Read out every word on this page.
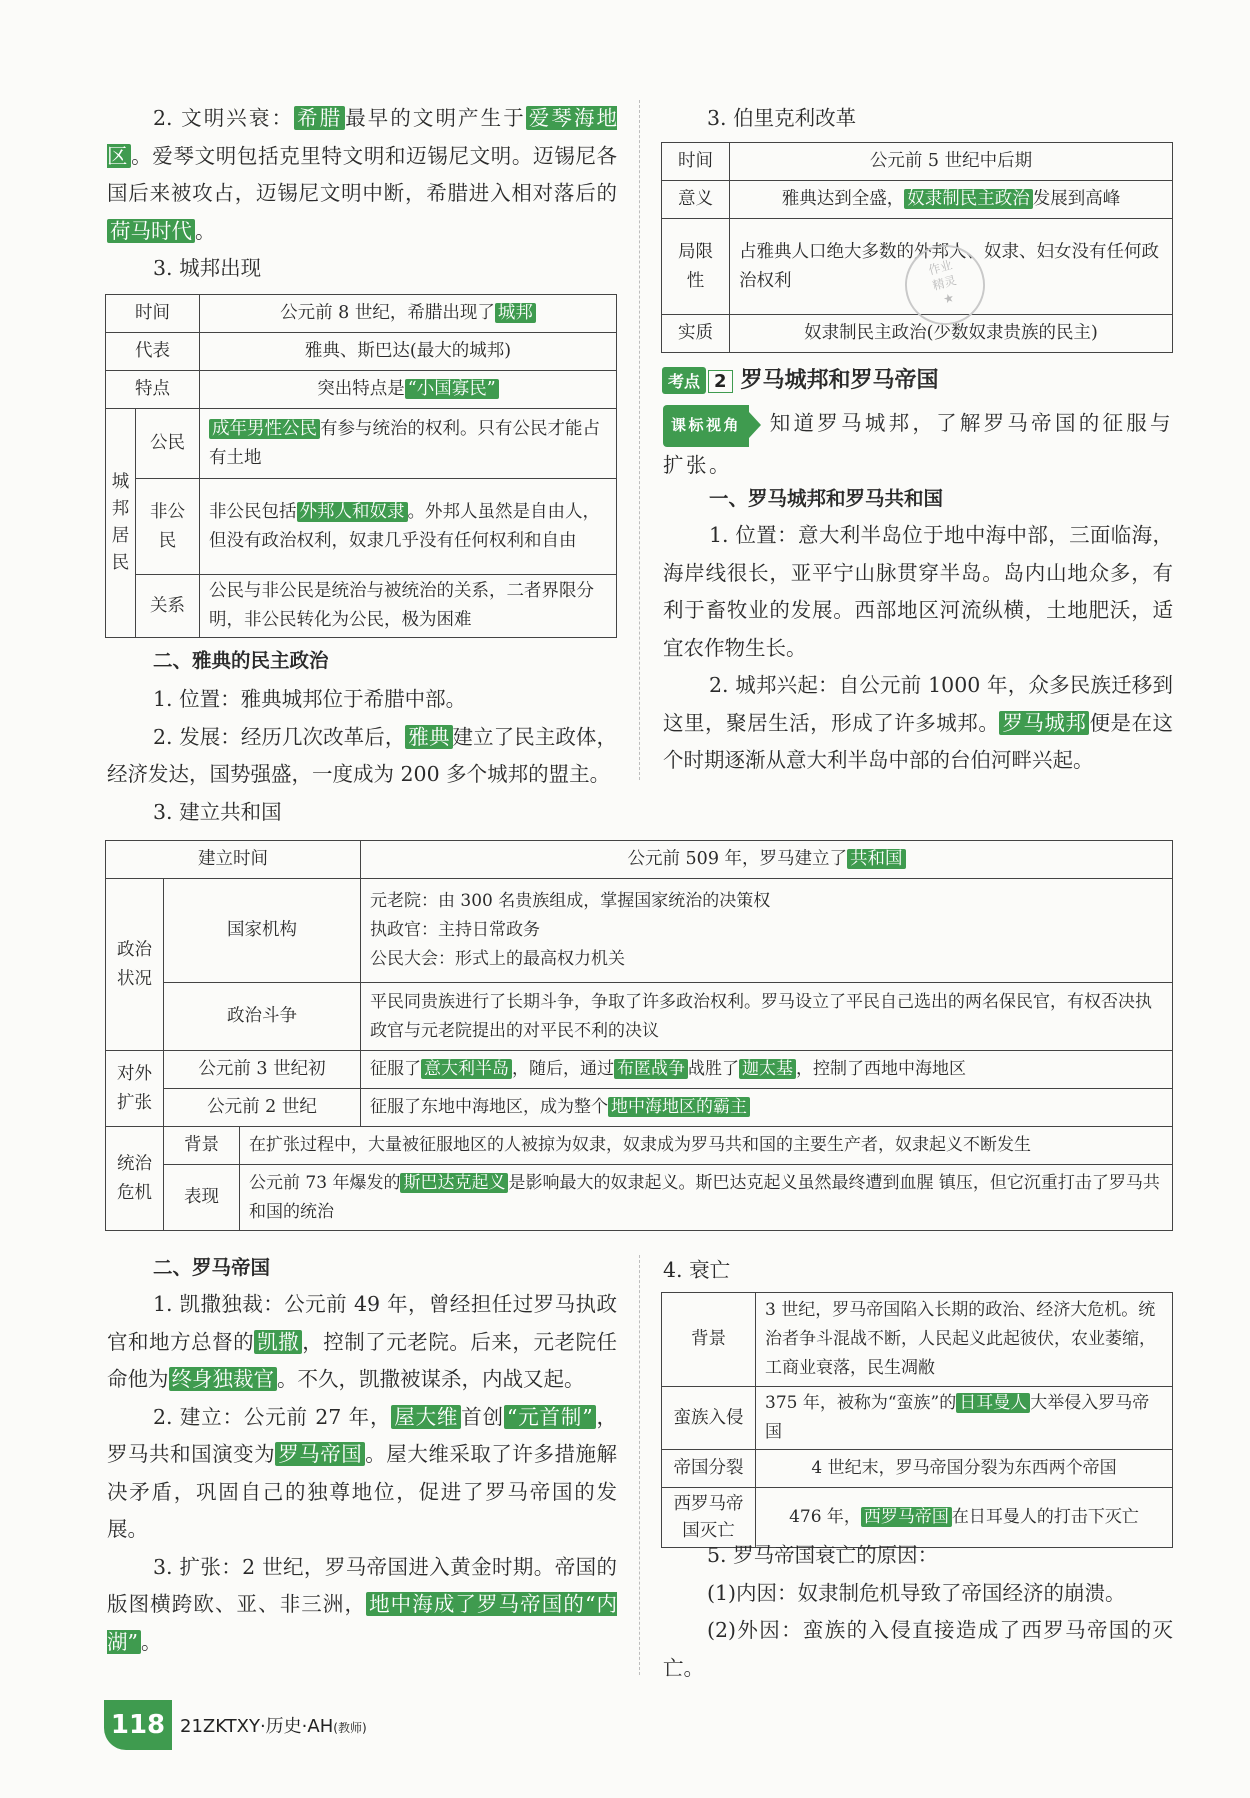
2. 文明兴衰： 希腊 最早的文明产生于 爱琴海地区 。爱琴文明包括克里特文明和迈锡尼文明。迈锡尼各国后来被攻占，迈锡尼文明中断，希腊进入相对落后的荷马时代 。

3. 城邦出现

时间		公元前 8 世纪，希腊出现了 城邦
代表		雅典、斯巴达(最大的城邦)
特点		突出特点是 “小国寡民”
城邦居民	公民	成年男性公民 有参与统治的权利。只有公民才能占有土地
	非公民	非公民包括 外邦人和奴隶 。外邦人虽然是自由人，但没有政治权利，奴隶几乎没有任何权利和自由
	关系	公民与非公民是统治与被统治的关系，二者界限分明，非公民转化为公民，极为困难

二、雅典的民主政治

1. 位置：雅典城邦位于希腊中部。

2. 发展：经历几次改革后， 雅典 建立了民主政体，经济发达，国势强盛，一度成为 200 多个城邦的盟主。

3. 建立共和国

3. 伯里克利改革

时间	公元前 5 世纪中后期
意义	雅典达到全盛， 奴隶制民主政治 发展到高峰
局限性	占雅典人口绝大多数的外邦人、奴隶、妇女没有任何政治权利
实质	奴隶制民主政治(少数奴隶贵族的民主)
考点 2 罗马城邦和罗马帝国

课标视角 知道罗马城邦，了解罗马帝国的征服与扩张。

一、罗马城邦和罗马共和国

1. 位置：意大利半岛位于地中海中部，三面临海，海岸线很长，亚平宁山脉贯穿半岛。岛内山地众多，有利于畜牧业的发展。西部地区河流纵横，土地肥沃，适宜农作物生长。

2. 城邦兴起：自公元前 1000 年，众多民族迁移到这里，聚居生活，形成了许多城邦。 罗马城邦 便是在这个时期逐渐从意大利半岛中部的台伯河畔兴起。

作业
精灵
★
建立时间			公元前 509 年，罗马建立了 共和国
政治状况	国家机构		元老院：由 300 名贵族组成，掌握国家统治的决策权
执政官：主持日常政务
公民大会：形式上的最高权力机关

	政治斗争		平民同贵族进行了长期斗争，争取了许多政治权利。罗马设立了平民自己选出的两名保民官，有权否决执政官与元老院提出的对平民不利的决议
对外扩张	公元前 3 世纪初		征服了 意大利半岛 ，随后，通过 布匿战争 战胜了 迦太基 ，控制了西地中海地区
	公元前 2 世纪		征服了东地中海地区，成为整个 地中海地区的霸主
统治危机	背景	在扩张过程中，大量被征服地区的人被掠为奴隶，奴隶成为罗马共和国的主要生产者，奴隶起义不断发生	
	表现	公元前 73 年爆发的 斯巴达克起义 是影响最大的奴隶起义。斯巴达克起义虽然最终遭到血腥 镇压，但它沉重打击了罗马共和国的统治	

二、罗马帝国

1. 凯撒独裁：公元前 49 年，曾经担任过罗马执政官和地方总督的 凯撒 ，控制了元老院。后来，元老院任命他为 终身独裁官 。不久，凯撒被谋杀，内战又起。

2. 建立：公元前 27 年， 屋大维 首创 “元首制” ，罗马共和国演变为 罗马帝国 。屋大维采取了许多措施解决矛盾，巩固自己的独尊地位，促进了罗马帝国的发展。

3. 扩张：2 世纪，罗马帝国进入黄金时期。帝国的版图横跨欧、亚、非三洲， 地中海成了罗马帝国的“内湖” 。

4. 衰亡

背景	3 世纪，罗马帝国陷入长期的政治、经济大危机。统治者争斗混战不断，人民起义此起彼伏，农业萎缩，工商业衰落，民生凋敝
蛮族入侵	375 年，被称为“蛮族”的 日耳曼人 大举侵入罗马帝国
帝国分裂	4 世纪末，罗马帝国分裂为东西两个帝国
西罗马帝国灭亡	476 年， 西罗马帝国 在日耳曼人的打击下灭亡

5. 罗马帝国衰亡的原因：

(1)内因：奴隶制危机导致了帝国经济的崩溃。

(2)外因：蛮族的入侵直接造成了西罗马帝国的灭亡。

118 21ZKTXY·历史·AH(教师)
